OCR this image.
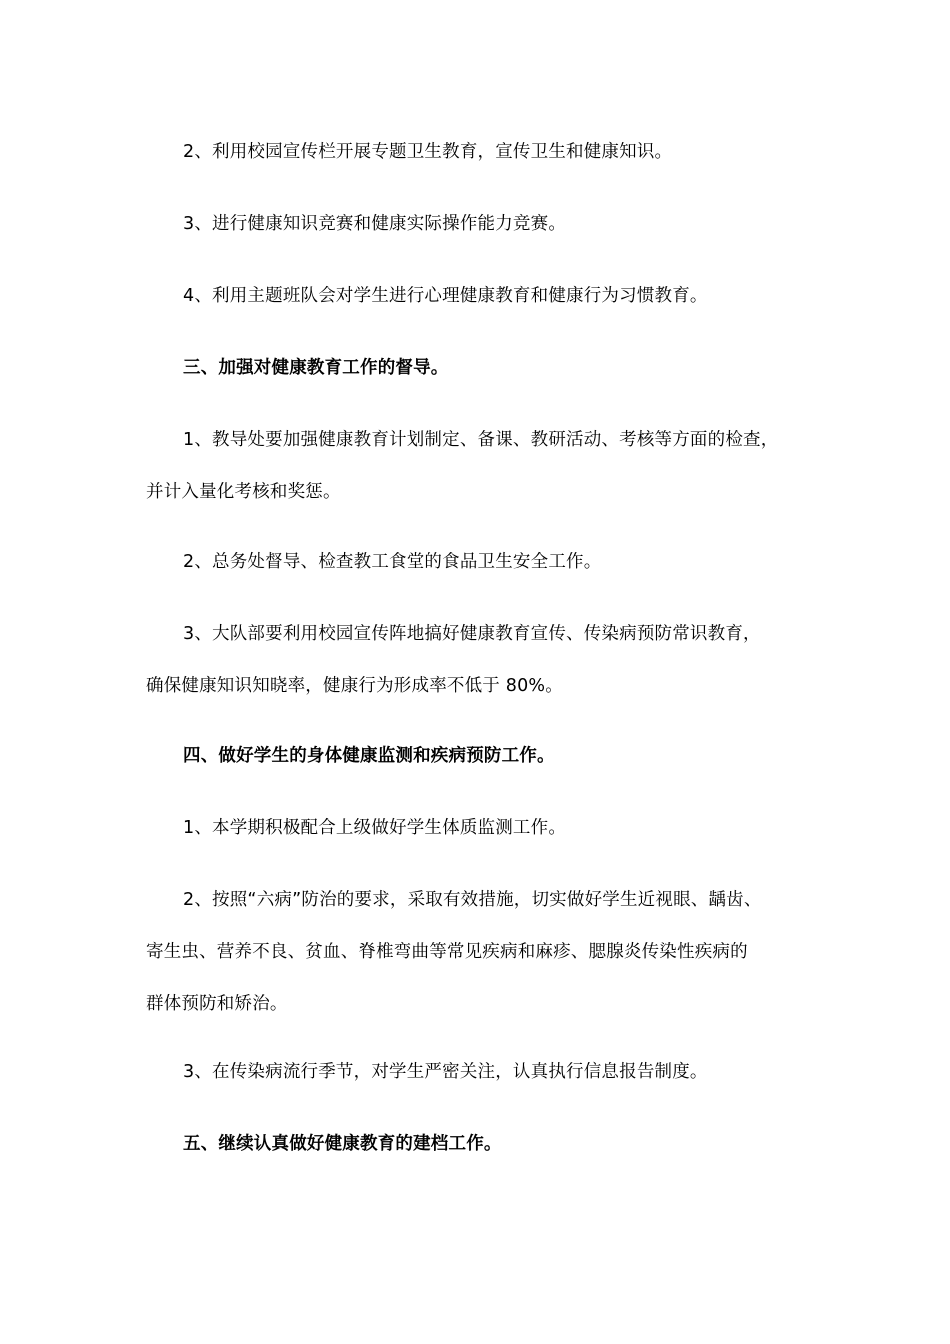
2、利用校园宣传栏开展专题卫生教育，宣传卫生和健康知识。
3、进行健康知识竞赛和健康实际操作能力竞赛。
4、利用主题班队会对学生进行心理健康教育和健康行为习惯教育。
三、加强对健康教育工作的督导。
1、教导处要加强健康教育计划制定、备课、教研活动、考核等方面的检查，
并计入量化考核和奖惩。
2、总务处督导、检查教工食堂的食品卫生安全工作。
3、大队部要利用校园宣传阵地搞好健康教育宣传、传染病预防常识教育，
确保健康知识知晓率，健康行为形成率不低于 80%。
四、做好学生的身体健康监测和疾病预防工作。
1、本学期积极配合上级做好学生体质监测工作。
2、按照“六病”防治的要求，采取有效措施，切实做好学生近视眼、龋齿、
寄生虫、营养不良、贫血、脊椎弯曲等常见疾病和麻疹、腮腺炎传染性疾病的
群体预防和矫治。
3、在传染病流行季节，对学生严密关注，认真执行信息报告制度。
五、继续认真做好健康教育的建档工作。
